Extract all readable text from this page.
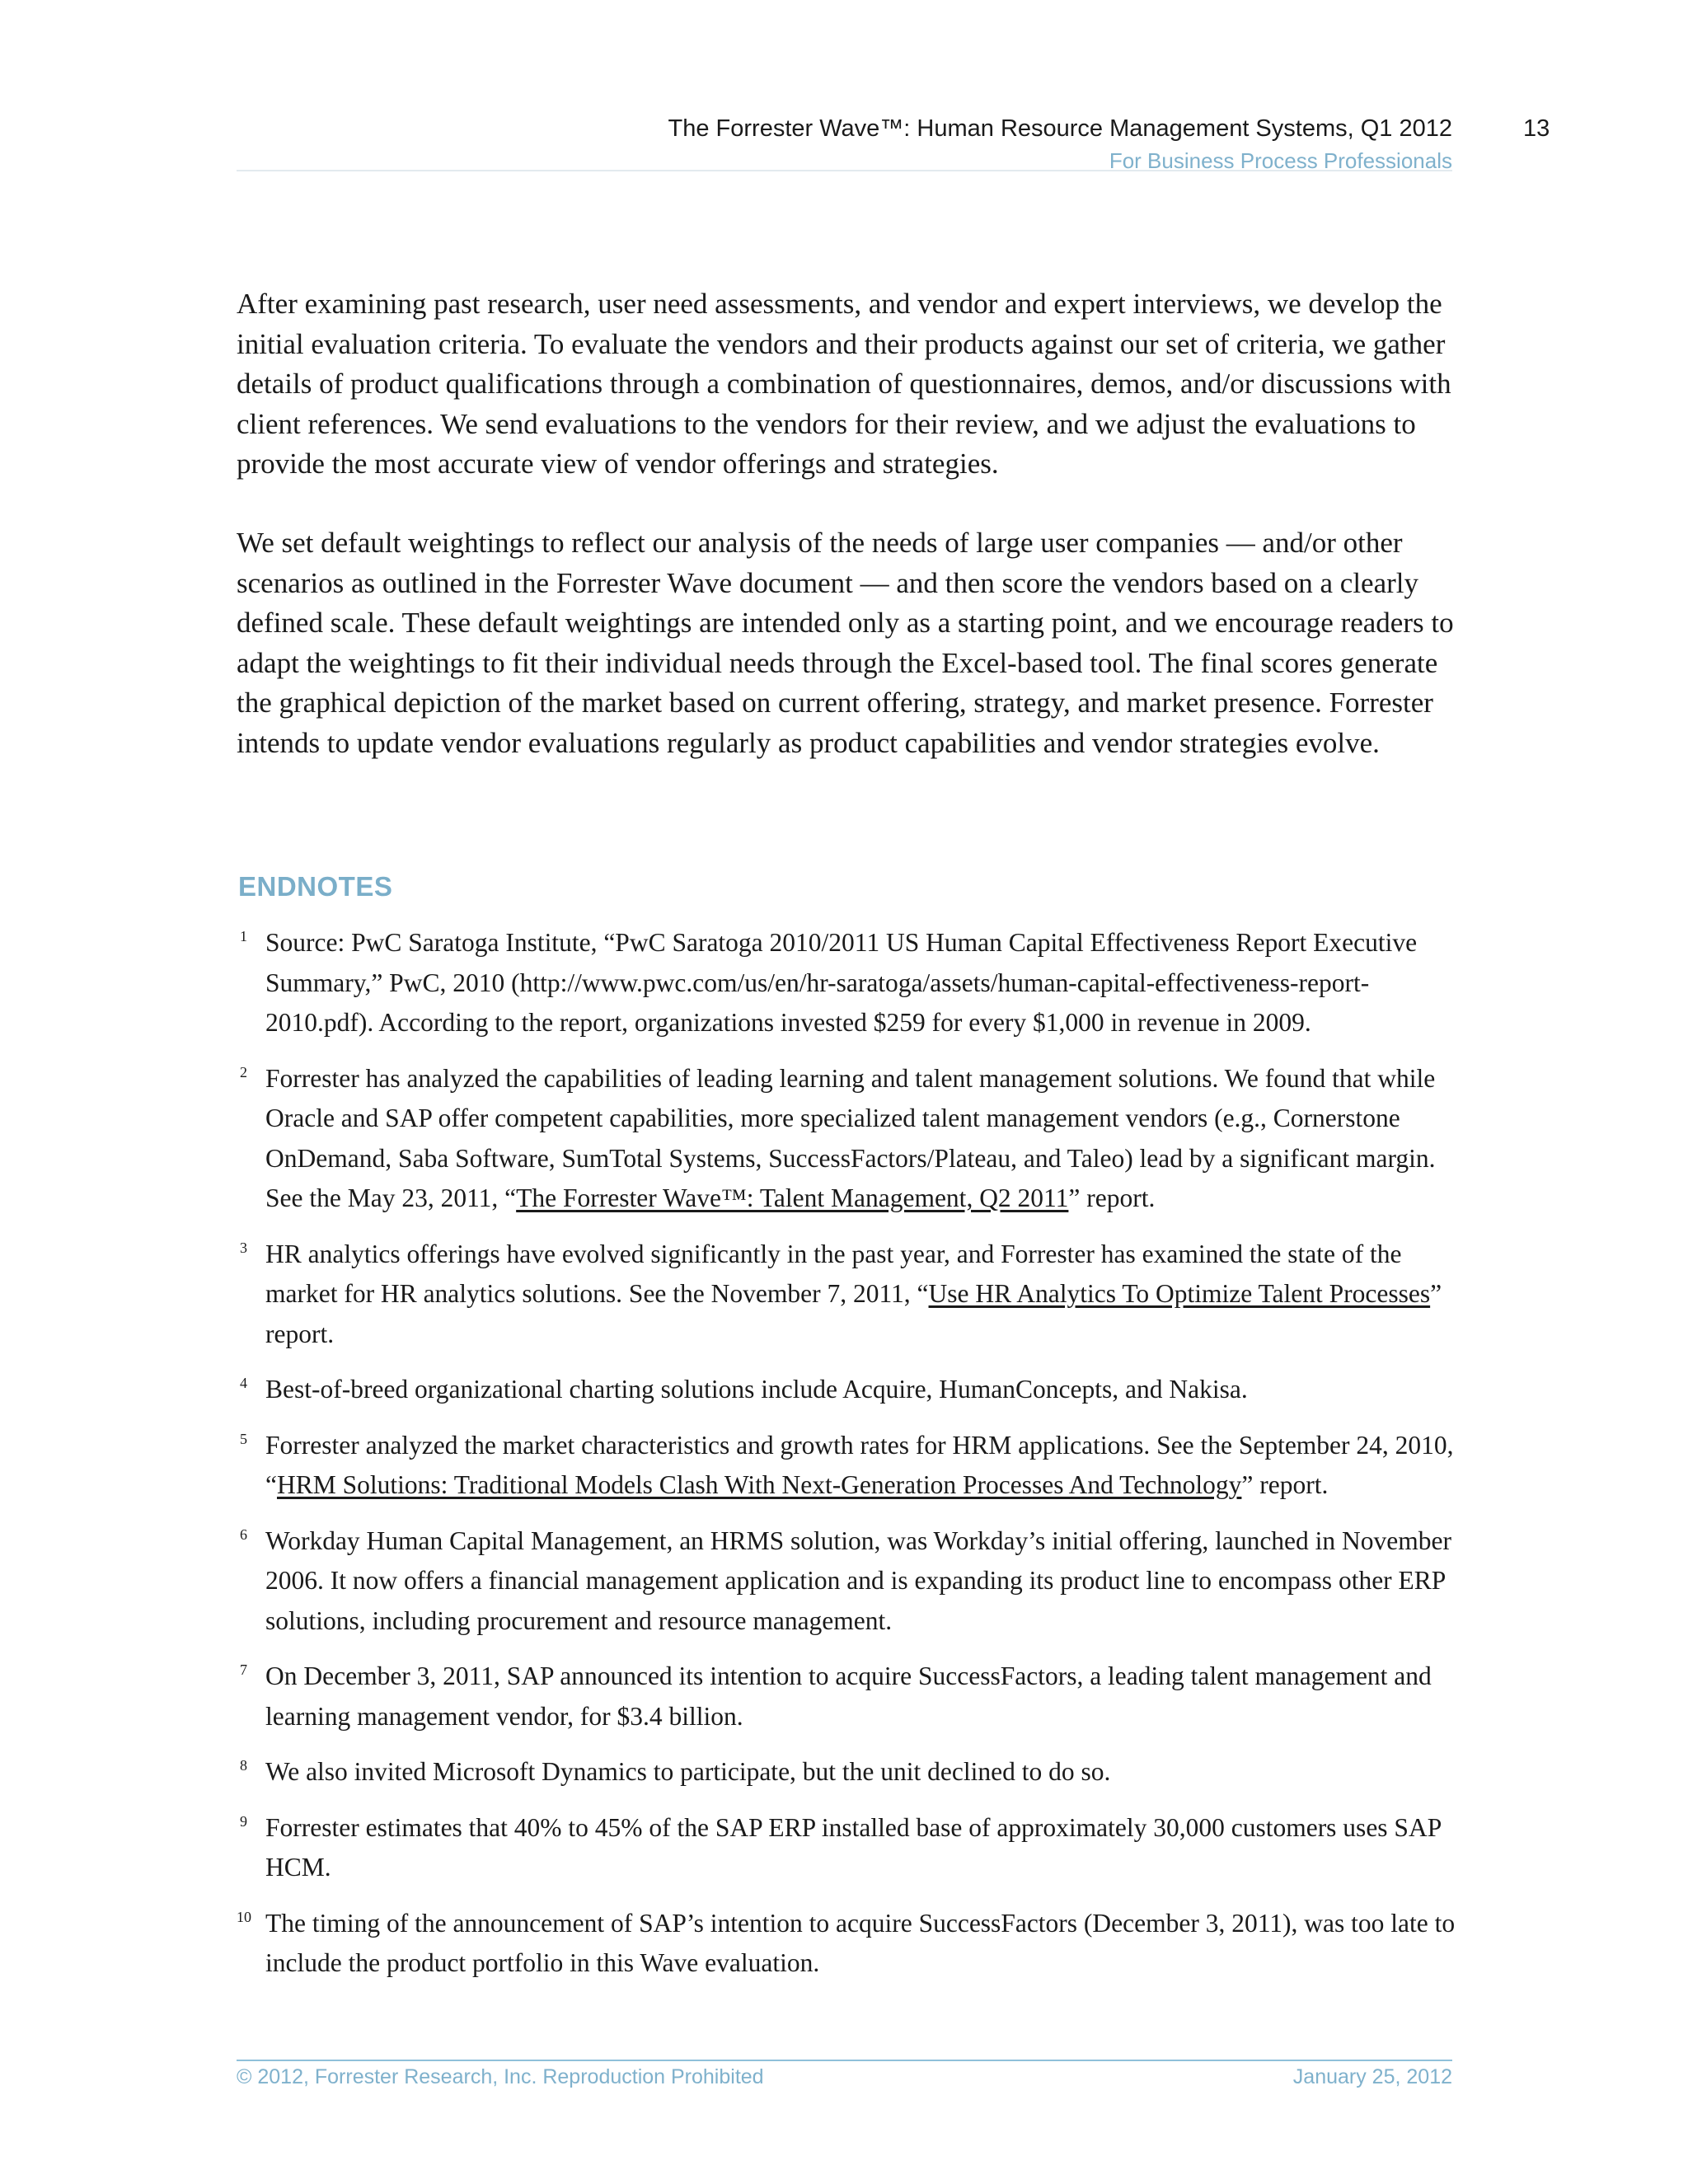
The Forrester Wave™: Human Resource Management Systems, Q1 2012
For Business Process Professionals
13

After examining past research, user need assessments, and vendor and expert interviews, we develop the initial evaluation criteria. To evaluate the vendors and their products against our set of criteria, we gather details of product qualifications through a combination of questionnaires, demos, and/or discussions with client references. We send evaluations to the vendors for their review, and we adjust the evaluations to provide the most accurate view of vendor offerings and strategies.

We set default weightings to reflect our analysis of the needs of large user companies — and/or other scenarios as outlined in the Forrester Wave document — and then score the vendors based on a clearly defined scale. These default weightings are intended only as a starting point, and we encourage readers to adapt the weightings to fit their individual needs through the Excel-based tool. The final scores generate the graphical depiction of the market based on current offering, strategy, and market presence. Forrester intends to update vendor evaluations regularly as product capabilities and vendor strategies evolve.

ENDNOTES
1 Source: PwC Saratoga Institute, “PwC Saratoga 2010/2011 US Human Capital Effectiveness Report Executive Summary,” PwC, 2010 (http://www.pwc.com/us/en/hr-saratoga/assets/human-capital-effectiveness-report-2010.pdf). According to the report, organizations invested $259 for every $1,000 in revenue in 2009.
2 Forrester has analyzed the capabilities of leading learning and talent management solutions. We found that while Oracle and SAP offer competent capabilities, more specialized talent management vendors (e.g., Cornerstone OnDemand, Saba Software, SumTotal Systems, SuccessFactors/Plateau, and Taleo) lead by a significant margin. See the May 23, 2011, “The Forrester Wave™: Talent Management, Q2 2011” report.
3 HR analytics offerings have evolved significantly in the past year, and Forrester has examined the state of the market for HR analytics solutions. See the November 7, 2011, “Use HR Analytics To Optimize Talent Processes” report.
4 Best-of-breed organizational charting solutions include Acquire, HumanConcepts, and Nakisa.
5 Forrester analyzed the market characteristics and growth rates for HRM applications. See the September 24, 2010, “HRM Solutions: Traditional Models Clash With Next-Generation Processes And Technology” report.
6 Workday Human Capital Management, an HRMS solution, was Workday’s initial offering, launched in November 2006. It now offers a financial management application and is expanding its product line to encompass other ERP solutions, including procurement and resource management.
7 On December 3, 2011, SAP announced its intention to acquire SuccessFactors, a leading talent management and learning management vendor, for $3.4 billion.
8 We also invited Microsoft Dynamics to participate, but the unit declined to do so.
9 Forrester estimates that 40% to 45% of the SAP ERP installed base of approximately 30,000 customers uses SAP HCM.
10 The timing of the announcement of SAP’s intention to acquire SuccessFactors (December 3, 2011), was too late to include the product portfolio in this Wave evaluation.
© 2012, Forrester Research, Inc. Reproduction Prohibited	January 25, 2012
